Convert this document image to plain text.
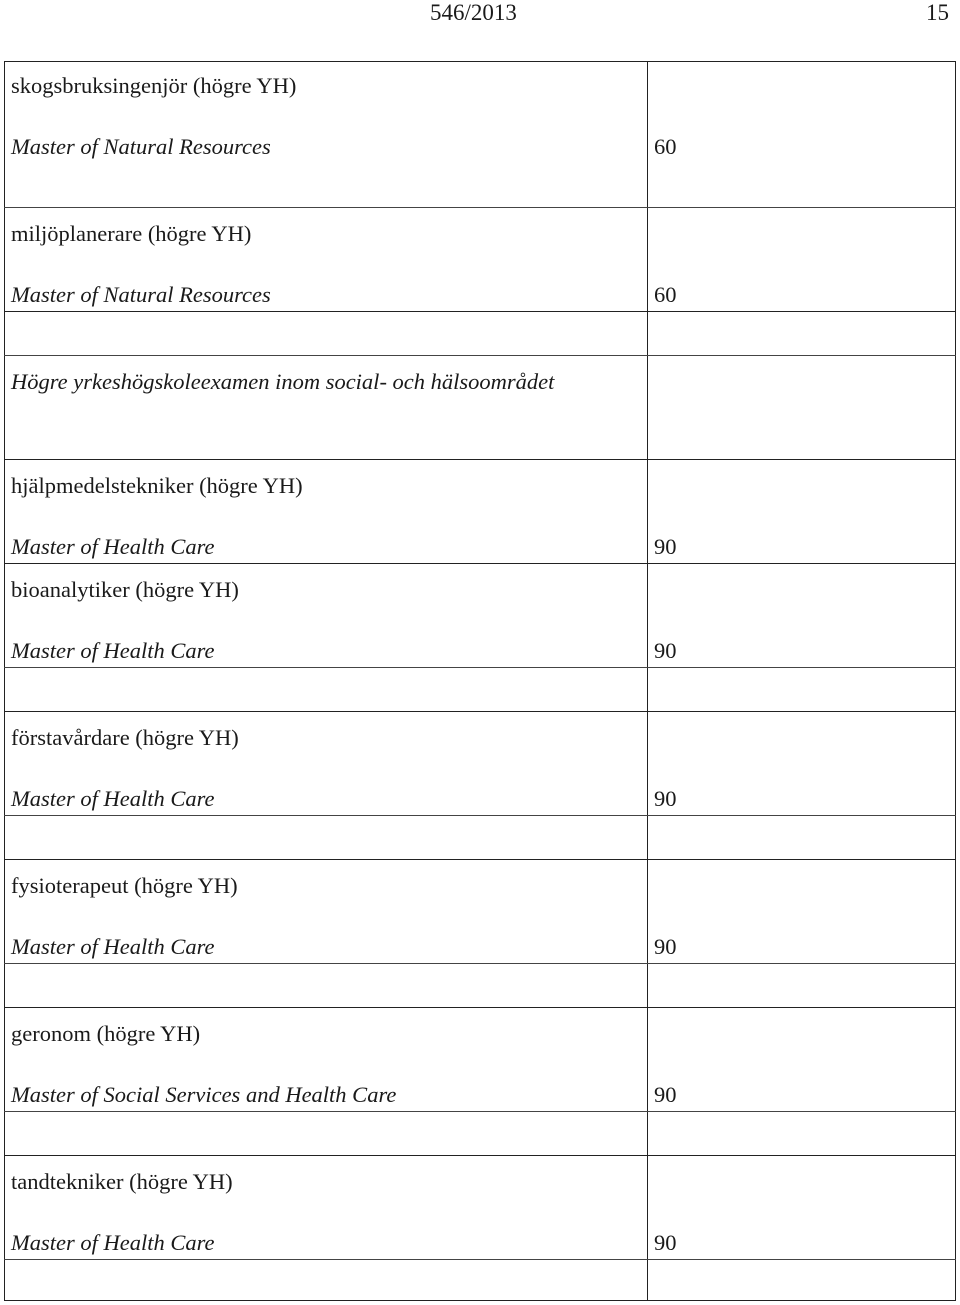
546/2013	15
skogsbruksingenjör (högre YH)
Master of Natural Resources	60
miljöplanerare (högre YH)
Master of Natural Resources	60
Högre yrkeshögskoleexamen inom social- och hälsoområdet
hjälpmedelstekniker (högre YH)
Master of Health Care	90
bioanalytiker (högre YH)
Master of Health Care	90
förstavårdare (högre YH)
Master of Health Care	90
fysioterapeut (högre YH)
Master of Health Care	90
geronom (högre YH)
Master of Social Services and Health Care	90
tandtekniker (högre YH)
Master of Health Care	90
